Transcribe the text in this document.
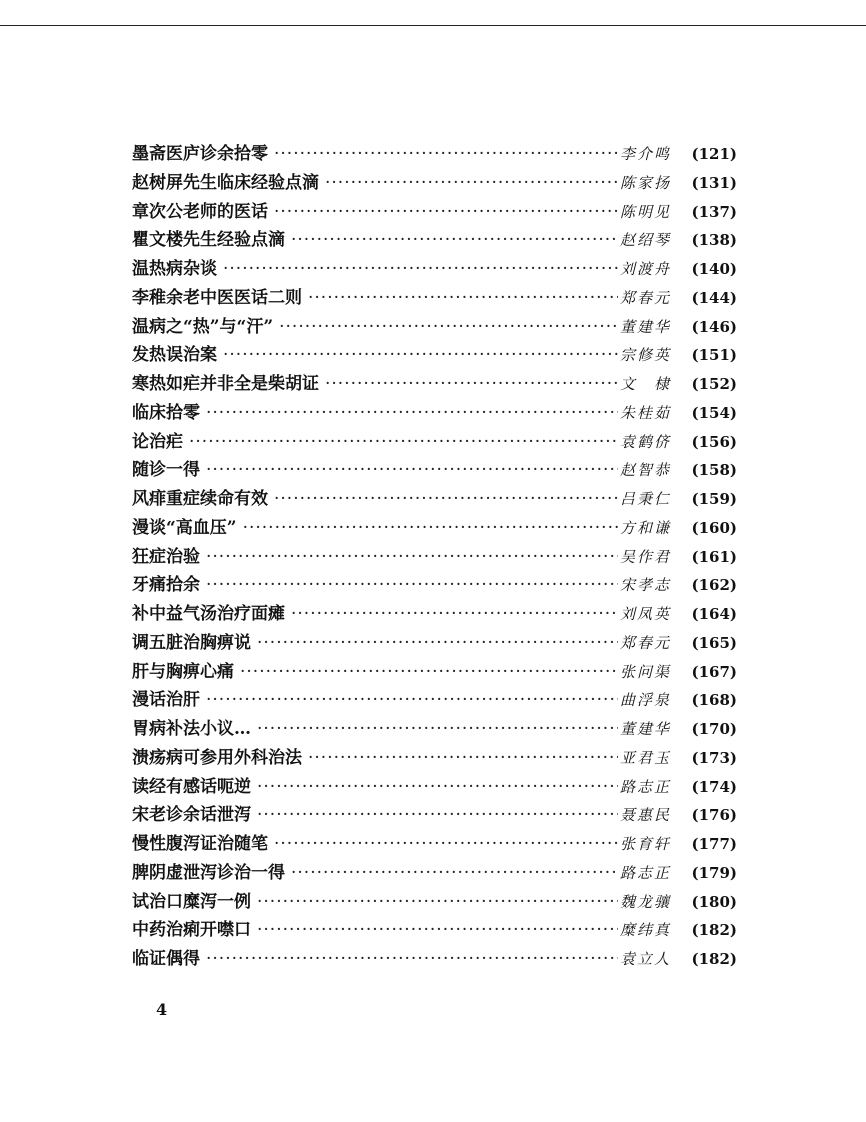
墨斋医庐诊余拾零 ·····	李介鸣	(121)
赵树屏先生临床经验点滴 ·····	陈家扬	(131)
章次公老师的医话 ·····	陈明见	(137)
瞿文楼先生经验点滴 ·····	赵绍琴	(138)
温热病杂谈 ·····	刘渡舟	(140)
李稚余老中医医话二则 ·····	郑春元	(144)
温病之“热”与“汗” ·····	董建华	(146)
发热误治案 ·····	宗修英	(151)
寒热如疟并非全是柴胡证 ·····	文　棣	(152)
临床拾零 ·····	朱桂茹	(154)
论治疟 ·····	袁鹤侪	(156)
随诊一得 ·····	赵智恭	(158)
风痱重症续命有效 ·····	吕秉仁	(159)
漫谈“高血压” ·····	方和谦	(160)
狂症治验 ·····	吴作君	(161)
牙痛拾余 ·····	宋孝志	(162)
补中益气汤治疗面瘫 ·····	刘凤英	(164)
调五脏治胸痹说 ·····	郑春元	(165)
肝与胸痹心痛 ·····	张问渠	(167)
漫话治肝 ·····	曲浮泉	(168)
胃病补法小议… ·····	董建华	(170)
溃疡病可参用外科治法 ·····	亚君玉	(173)
读经有感话呃逆 ·····	路志正	(174)
宋老诊余话泄泻 ·····	聂惠民	(176)
慢性腹泻证治随笔 ·····	张育轩	(177)
脾阴虚泄泻诊治一得 ·····	路志正	(179)
试治口糜泻一例 ·····	魏龙骧	(180)
中药治痢开噤口 ·····	糜纬真	(182)
临证偶得 ·····	袁立人	(182)
4
